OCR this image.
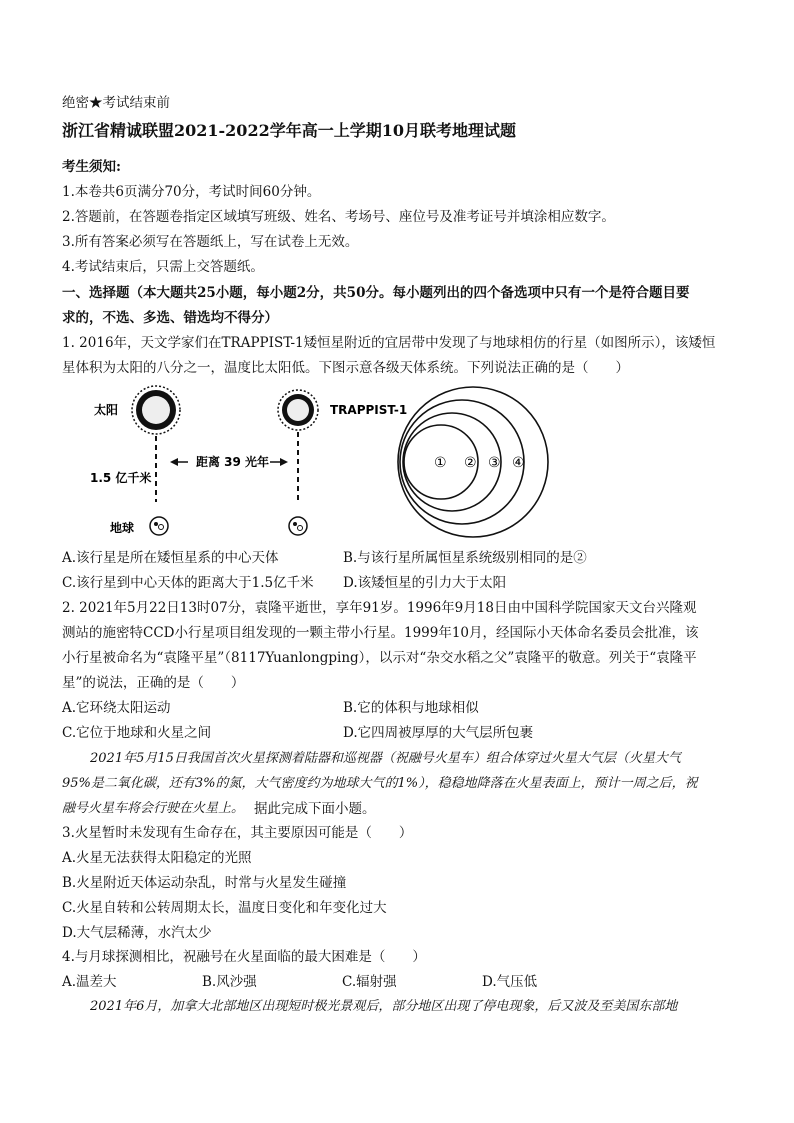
绝密★考试结束前
浙江省精诚联盟2021-2022学年高一上学期10月联考地理试题
考生须知:
1.本卷共6页满分70分，考试时间60分钟。
2.答题前，在答题卷指定区域填写班级、姓名、考场号、座位号及准考证号并填涂相应数字。
3.所有答案必须写在答题纸上，写在试卷上无效。
4.考试结束后，只需上交答题纸。
一、选择题（本大题共25小题，每小题2分，共50分。每小题列出的四个备选项中只有一个是符合题目要
求的，不选、多选、错选均不得分）
1. 2016年，天文学家们在TRAPPIST-1矮恒星附近的宜居带中发现了与地球相仿的行星（如图所示），该矮恒
星体积为太阳的八分之一，温度比太阳低。下图示意各级天体系统。下列说法正确的是（　　）
太阳	TRAPPIST-1
距离 39 光年
1.5 亿千米
地球
① ② ③ ④
A.该行星是所在矮恒星系的中心天体	B.与该行星所属恒星系统级别相同的是②
C.该行星到中心天体的距离大于1.5亿千米 D.该矮恒星的引力大于太阳
2. 2021年5月22日13时07分，袁隆平逝世，享年91岁。1996年9月18日由中国科学院国家天文台兴隆观
测站的施密特CCD小行星项目组发现的一颗主带小行星。1999年10月，经国际小天体命名委员会批准，该
小行星被命名为“袁隆平星”（8117Yuanlongping），以示对“杂交水稻之父”袁隆平的敬意。列关于“袁隆平
星”的说法，正确的是（　　）
A.它环绕太阳运动	B.它的体积与地球相似
C.它位于地球和火星之间	D.它四周被厚厚的大气层所包裹
2021年5月15日我国首次火星探测着陆器和巡视器（祝融号火星车）组合体穿过火星大气层（火星大气
95%是二氧化碳，还有3%的氮，大气密度约为地球大气的1%），稳稳地降落在火星表面上，预计一周之后，祝
融号火星车将会行驶在火星上。 据此完成下面小题。
3.火星暂时未发现有生命存在，其主要原因可能是（　　）
A.火星无法获得太阳稳定的光照
B.火星附近天体运动杂乱，时常与火星发生碰撞
C.火星自转和公转周期太长，温度日变化和年变化过大
D.大气层稀薄，水汽太少
4.与月球探测相比，祝融号在火星面临的最大困难是（　　）
A.温差大	B.风沙强	C.辐射强	D.气压低
2021年6月，加拿大北部地区出现短时极光景观后，部分地区出现了停电现象，后又波及至美国东部地
